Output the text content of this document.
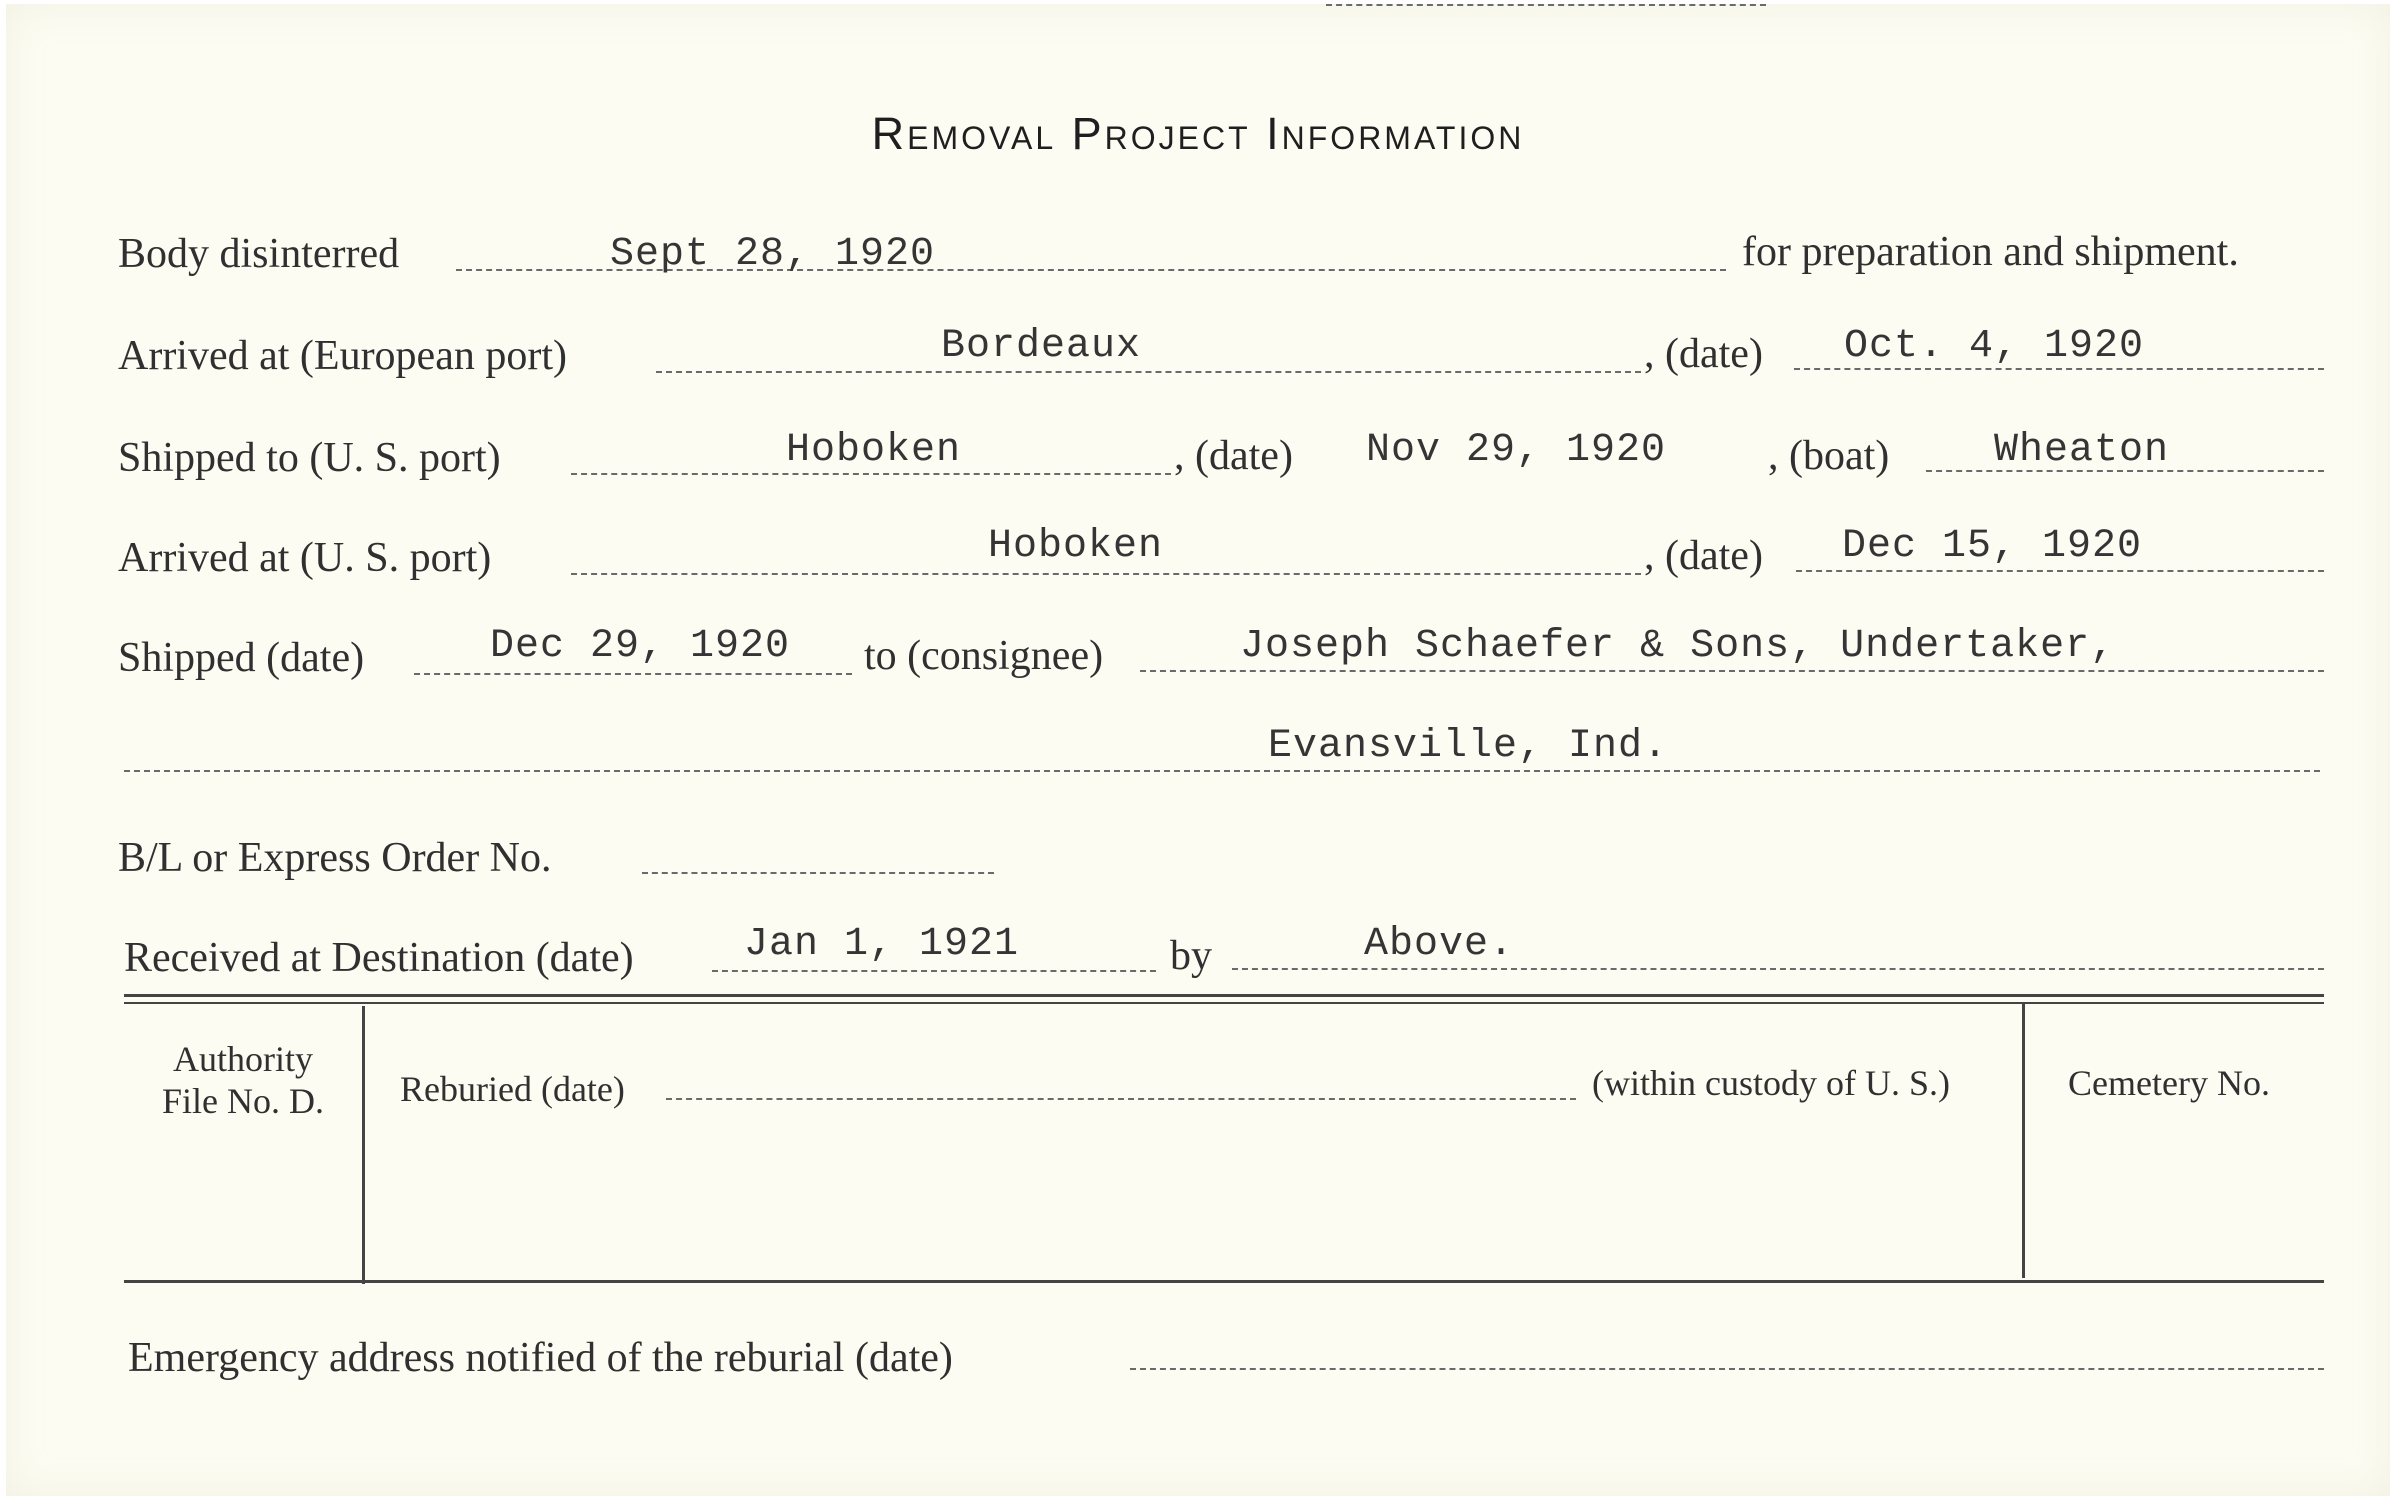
Removal Project Information
Body disinterred	Sept 28, 1920	for preparation and shipment.
Arrived at (European port)	Bordeaux	, (date) Oct. 4, 1920
Shipped to (U. S. port)	Hoboken	, (date) Nov 29, 1920 , (boat)	Wheaton
Arrived at (U. S. port)	Hoboken	, (date) Dec 15, 1920
Shipped (date)	Dec 29, 1920 to (consignee)	Joseph Schaefer & Sons, Undertaker,
Evansville, Ind.
B/L or Express Order No.
Received at Destination (date)	Jan 1, 1921	by	Above.
Authority
File No. D.	Reburied (date)	(within custody of U. S.)	Cemetery No.
Emergency address notified of the reburial (date)
